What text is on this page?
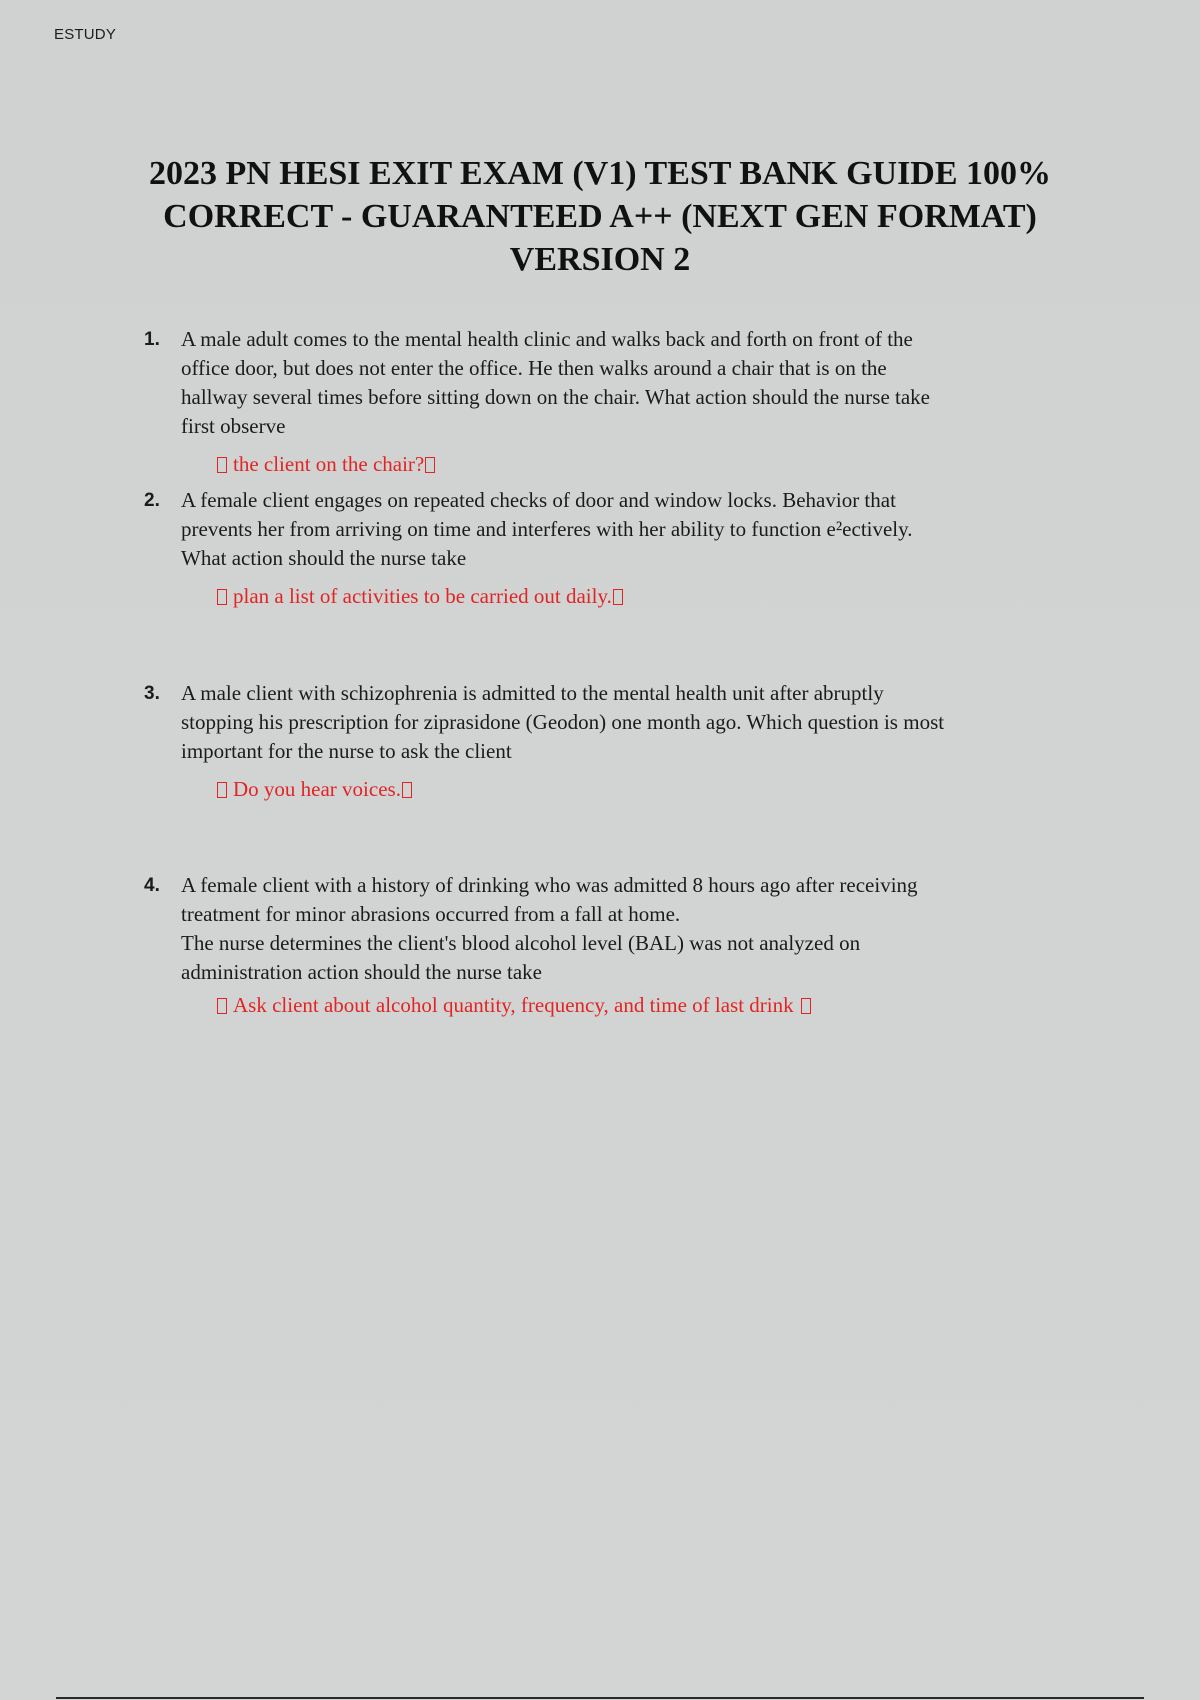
ESTUDY
2023 PN HESI EXIT EXAM (V1) TEST BANK GUIDE 100%
CORRECT - GUARANTEED A++ (NEXT GEN FORMAT)
VERSION 2
1. A male adult comes to the mental health clinic and walks back and forth on front of the
office door, but does not enter the office. He then walks around a chair that is on the
hallway several times before sitting down on the chair. What action should the nurse take
first observe
the client on the chair?
2. A female client engages on repeated checks of door and window locks. Behavior that
prevents her from arriving on time and interferes with her ability to function e²ectively.
What action should the nurse take
plan a list of activities to be carried out daily.
3. A male client with schizophrenia is admitted to the mental health unit after abruptly
stopping his prescription for ziprasidone (Geodon) one month ago. Which question is most
important for the nurse to ask the client
Do you hear voices.
4. A female client with a history of drinking who was admitted 8 hours ago after receiving
treatment for minor abrasions occurred from a fall at home.
The nurse determines the client's blood alcohol level (BAL) was not analyzed on
administration action should the nurse take
Ask client about alcohol quantity, frequency, and time of last drink
